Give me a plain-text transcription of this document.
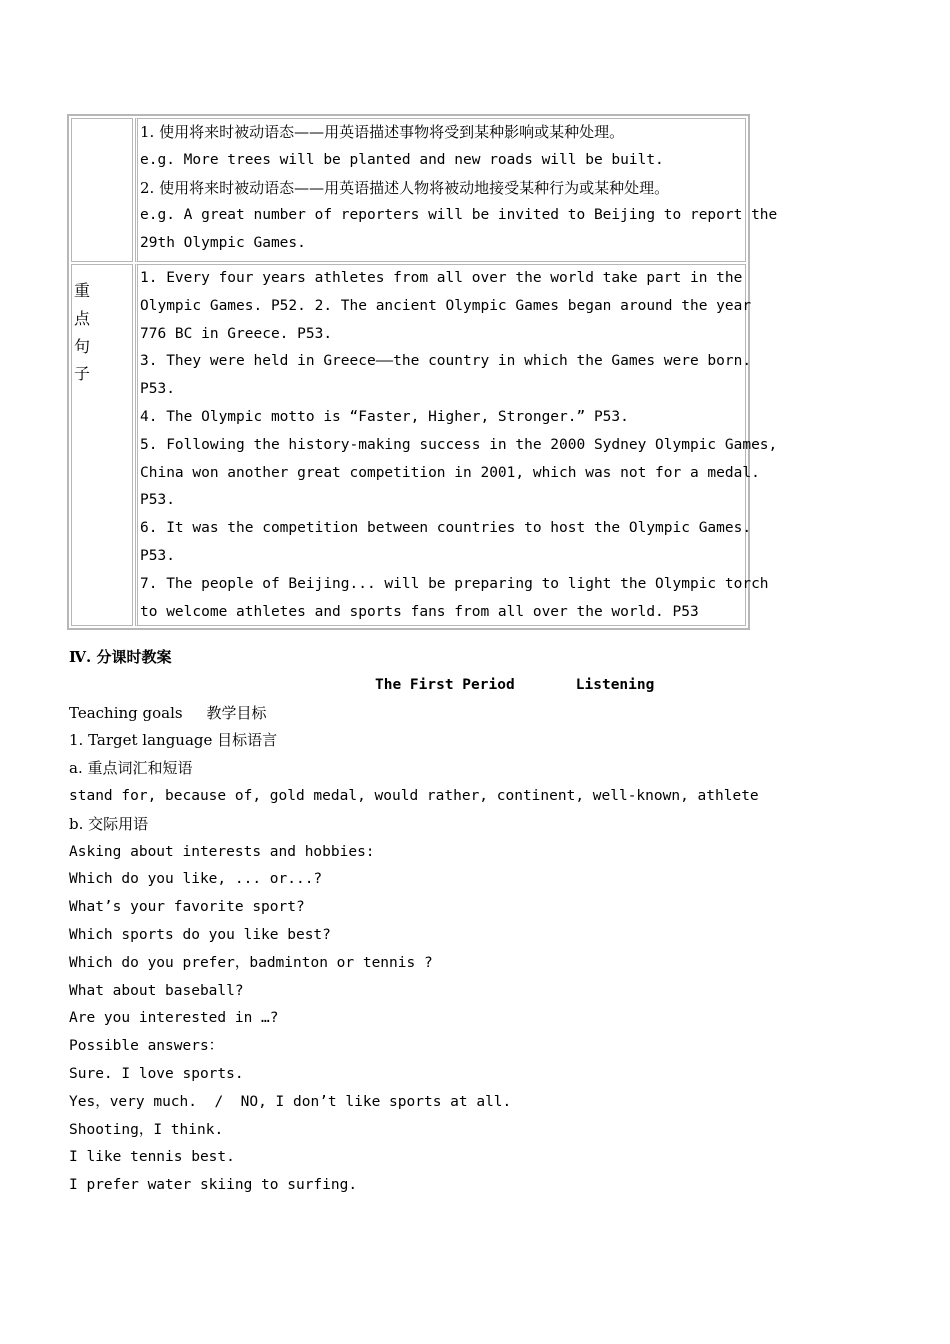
1. 使用将来时被动语态——用英语描述事物将受到某种影响或某种处理。
e.g. More trees will be planted and new roads will be built.
2. 使用将来时被动语态——用英语描述人物将被动地接受某种行为或某种处理。
e.g. A great number of reporters will be invited to Beijing to report the
29th Olympic Games.
重
点
句
子
1. Every four years athletes from all over the world take part in the
Olympic Games. P52. 2. The ancient Olympic Games began around the year
776 BC in Greece. P53.
3. They were held in Greece——the country in which the Games were born.
P53.
4. The Olympic motto is “Faster, Higher, Stronger.” P53.
5. Following the history-making success in the 2000 Sydney Olympic Games,
China won another great competition in 2001, which was not for a medal.
P53.
6. It was the competition between countries to host the Olympic Games.
P53.
7. The people of Beijing... will be preparing to light the Olympic torch
to welcome athletes and sports fans from all over the world. P53
Ⅳ. 分课时教案
The First Period       Listening
Teaching goals     教学目标
1. Target language 目标语言
a. 重点词汇和短语
stand for, because of, gold medal, would rather, continent, well-known, athlete
b. 交际用语
Asking about interests and hobbies:
Which do you like, ... or...?
What’s your favorite sport?
Which sports do you like best?
Which do you prefer，badminton or tennis ?
What about baseball?
Are you interested in …?
Possible answers：
Sure. I love sports.
Yes，very much.  /  NO, I don’t like sports at all.
Shooting，I think.
I like tennis best.
I prefer water skiing to surfing.
